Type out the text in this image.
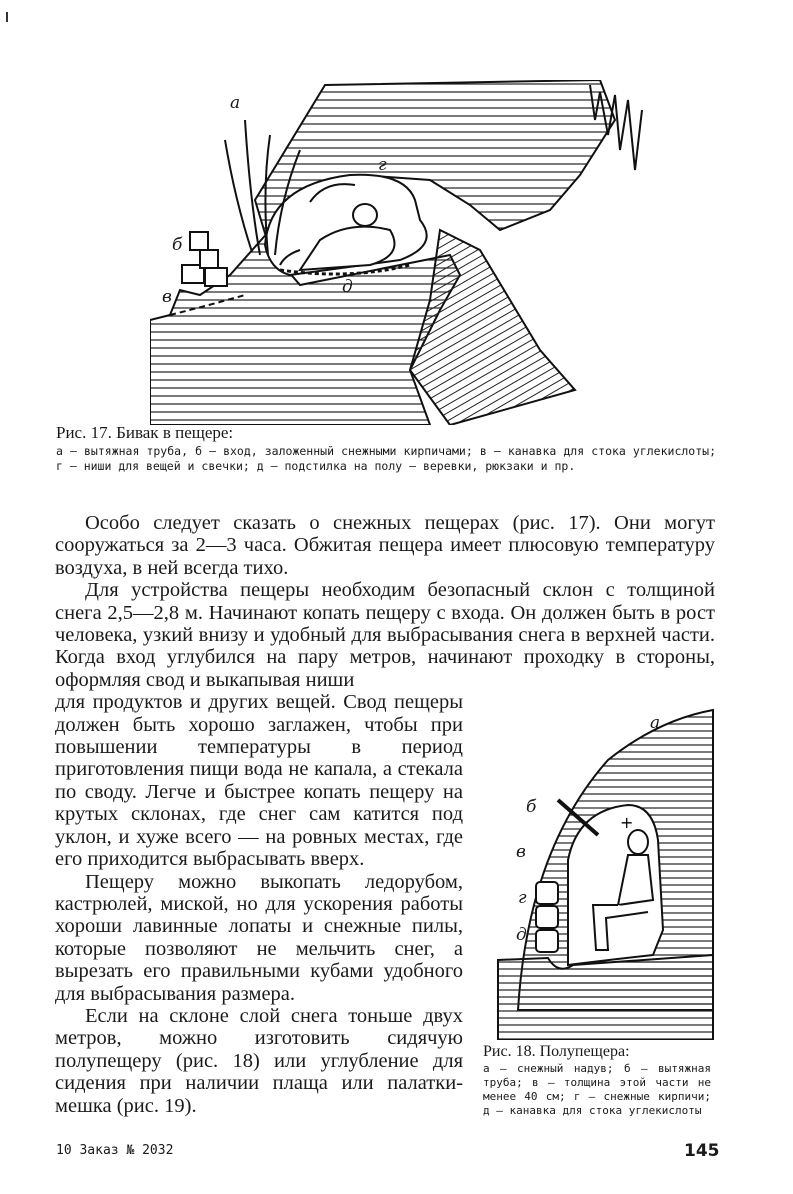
а
б
в
г
д
Рис. 17. Бивак в пещере:
а — вытяжная труба, б — вход, заложенный снежными кирпичами; в — канавка для стока углекислоты; г — ниши для вещей и свечки; д — подстилка на полу — веревки, рюкзаки и пр.

Особо следует сказать о снежных пещерах (рис. 17). Они могут сооружаться за 2—3 часа. Обжитая пещера имеет плюсовую температуру воздуха, в ней всегда тихо.

Для устройства пещеры необходим безопасный склон с толщиной снега 2,5—2,8 м. Начинают копать пещеру с входа. Он должен быть в рост человека, узкий внизу и удобный для выбрасывания снега в верхней части. Когда вход углубился на пару метров, начинают проходку в стороны, оформляя свод и выкапывая ниши

для продуктов и других вещей. Свод пещеры должен быть хорошо заглажен, чтобы при повышении температуры в период приготовления пищи вода не капала, а стекала по своду. Легче и быстрее копать пещеру на крутых склонах, где снег сам катится под уклон, и хуже всего — на ровных местах, где его приходится выбрасывать вверх.

Пещеру можно выкопать ледорубом, кастрюлей, миской, но для ускорения работы хороши лавинные лопаты и снежные пилы, которые позволяют не мельчить снег, а вырезать его правильными кубами удобного для выбрасывания размера.

Если на склоне слой снега тоньше двух метров, можно изготовить сидячую полупещеру (рис. 18) или углубление для сидения при наличии плаща или палатки-мешка (рис. 19).

+
а
б
в
г
д
Рис. 18. Полупещера:
а — снежный надув; б — вытяжная труба; в — толщина этой части не менее 40 см; г — снежные кирпичи; д — канавка для стока углекислоты
10 Заказ № 2032	145
